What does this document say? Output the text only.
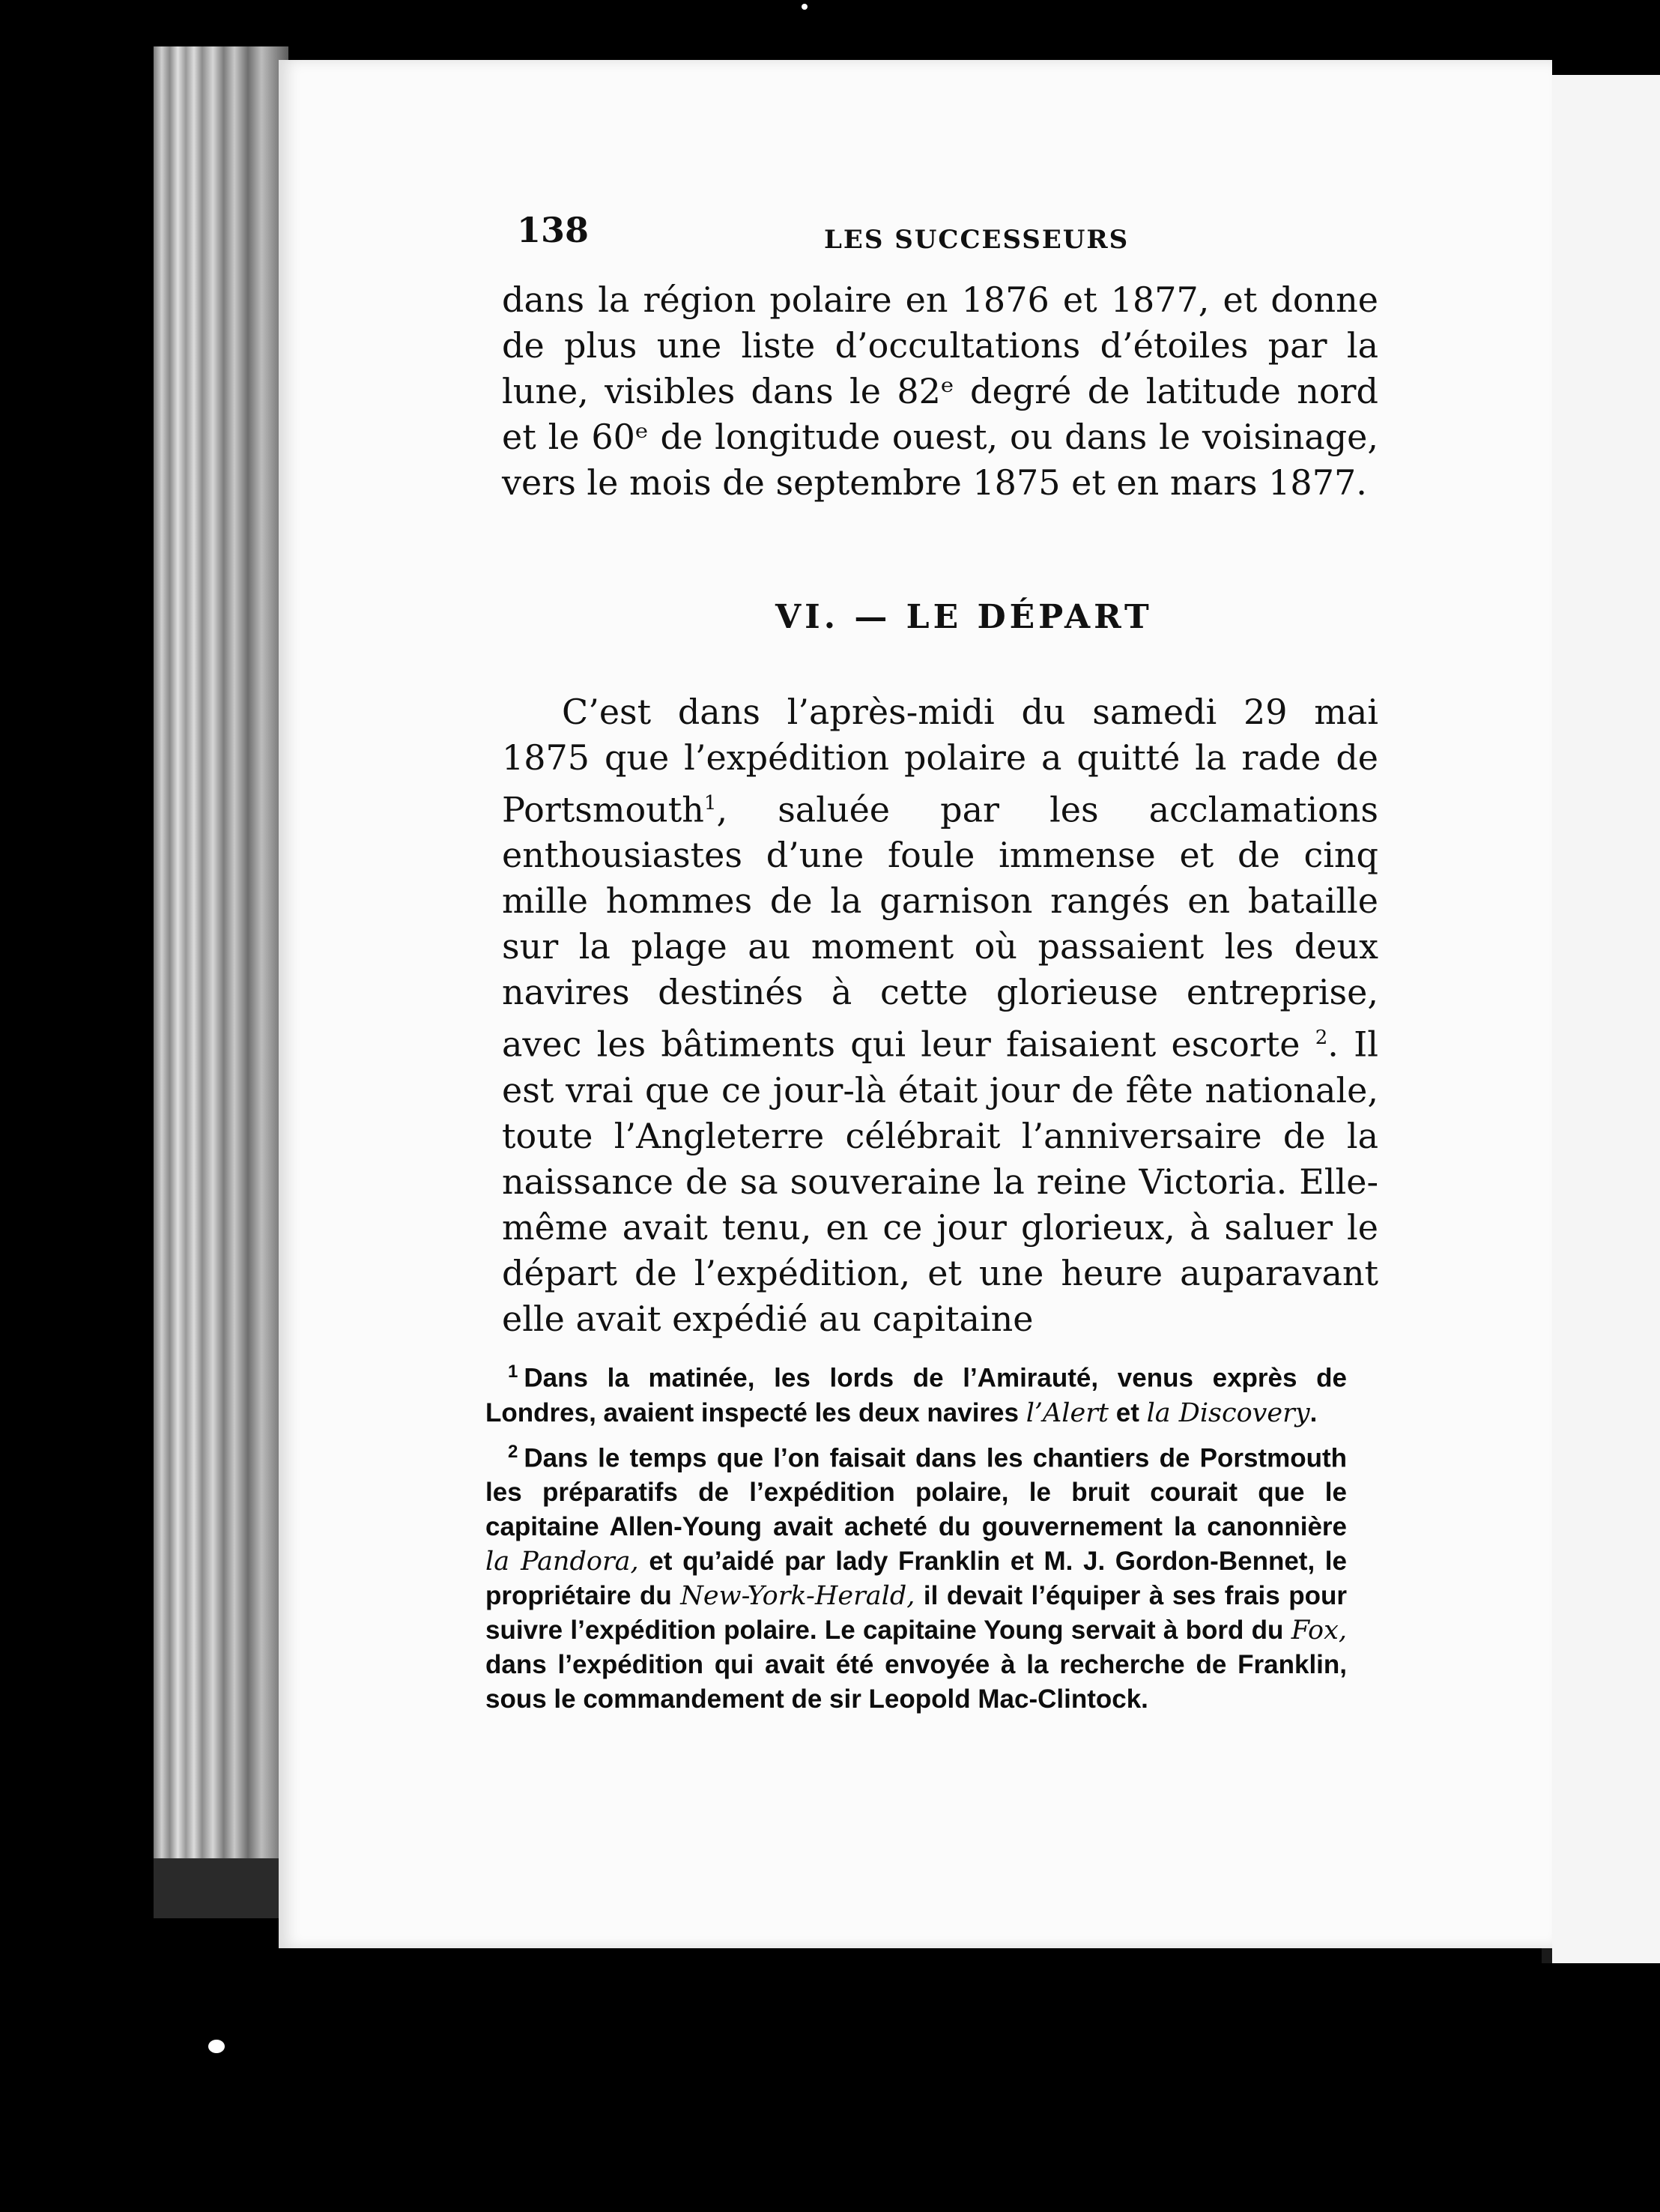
138	LES SUCCESSEURS

dans la région polaire en 1876 et 1877, et donne de plus une liste d’occultations d’étoiles par la lune, visibles dans le 82ᵉ degré de latitude nord et le 60ᵉ de longitude ouest, ou dans le voisinage, vers le mois de septembre 1875 et en mars 1877.

VI. — LE DÉPART

C’est dans l’après-midi du samedi 29 mai 1875 que l’expédition polaire a quitté la rade de Portsmouth$^1$, saluée par les acclamations enthousiastes d’une foule immense et de cinq mille hommes de la garnison rangés en bataille sur la plage au moment où passaient les deux navires destinés à cette glorieuse entreprise, avec les bâtiments qui leur faisaient escorte $^2$. Il est vrai que ce jour-là était jour de fête nationale, toute l’Angleterre célébrait l’anniversaire de la naissance de sa souveraine la reine Victoria. Elle-même avait tenu, en ce jour glorieux, à saluer le départ de l’expédition, et une heure auparavant elle avait expédié au capitaine

$^1$ Dans la matinée, les lords de l’Amirauté, venus exprès de Londres, avaient inspecté les deux navires l’Alert et la Discovery.

$^2$ Dans le temps que l’on faisait dans les chantiers de Porstmouth les préparatifs de l’expédition polaire, le bruit courait que le capitaine Allen-Young avait acheté du gouvernement la canonnière la Pandora, et qu’aidé par lady Franklin et M. J. Gordon-Bennet, le propriétaire du New-York-Herald, il devait l’équiper à ses frais pour suivre l’expédition polaire. Le capitaine Young servait à bord du Fox, dans l’expédition qui avait été envoyée à la recherche de Franklin, sous le commandement de sir Leopold Mac-Clintock.
